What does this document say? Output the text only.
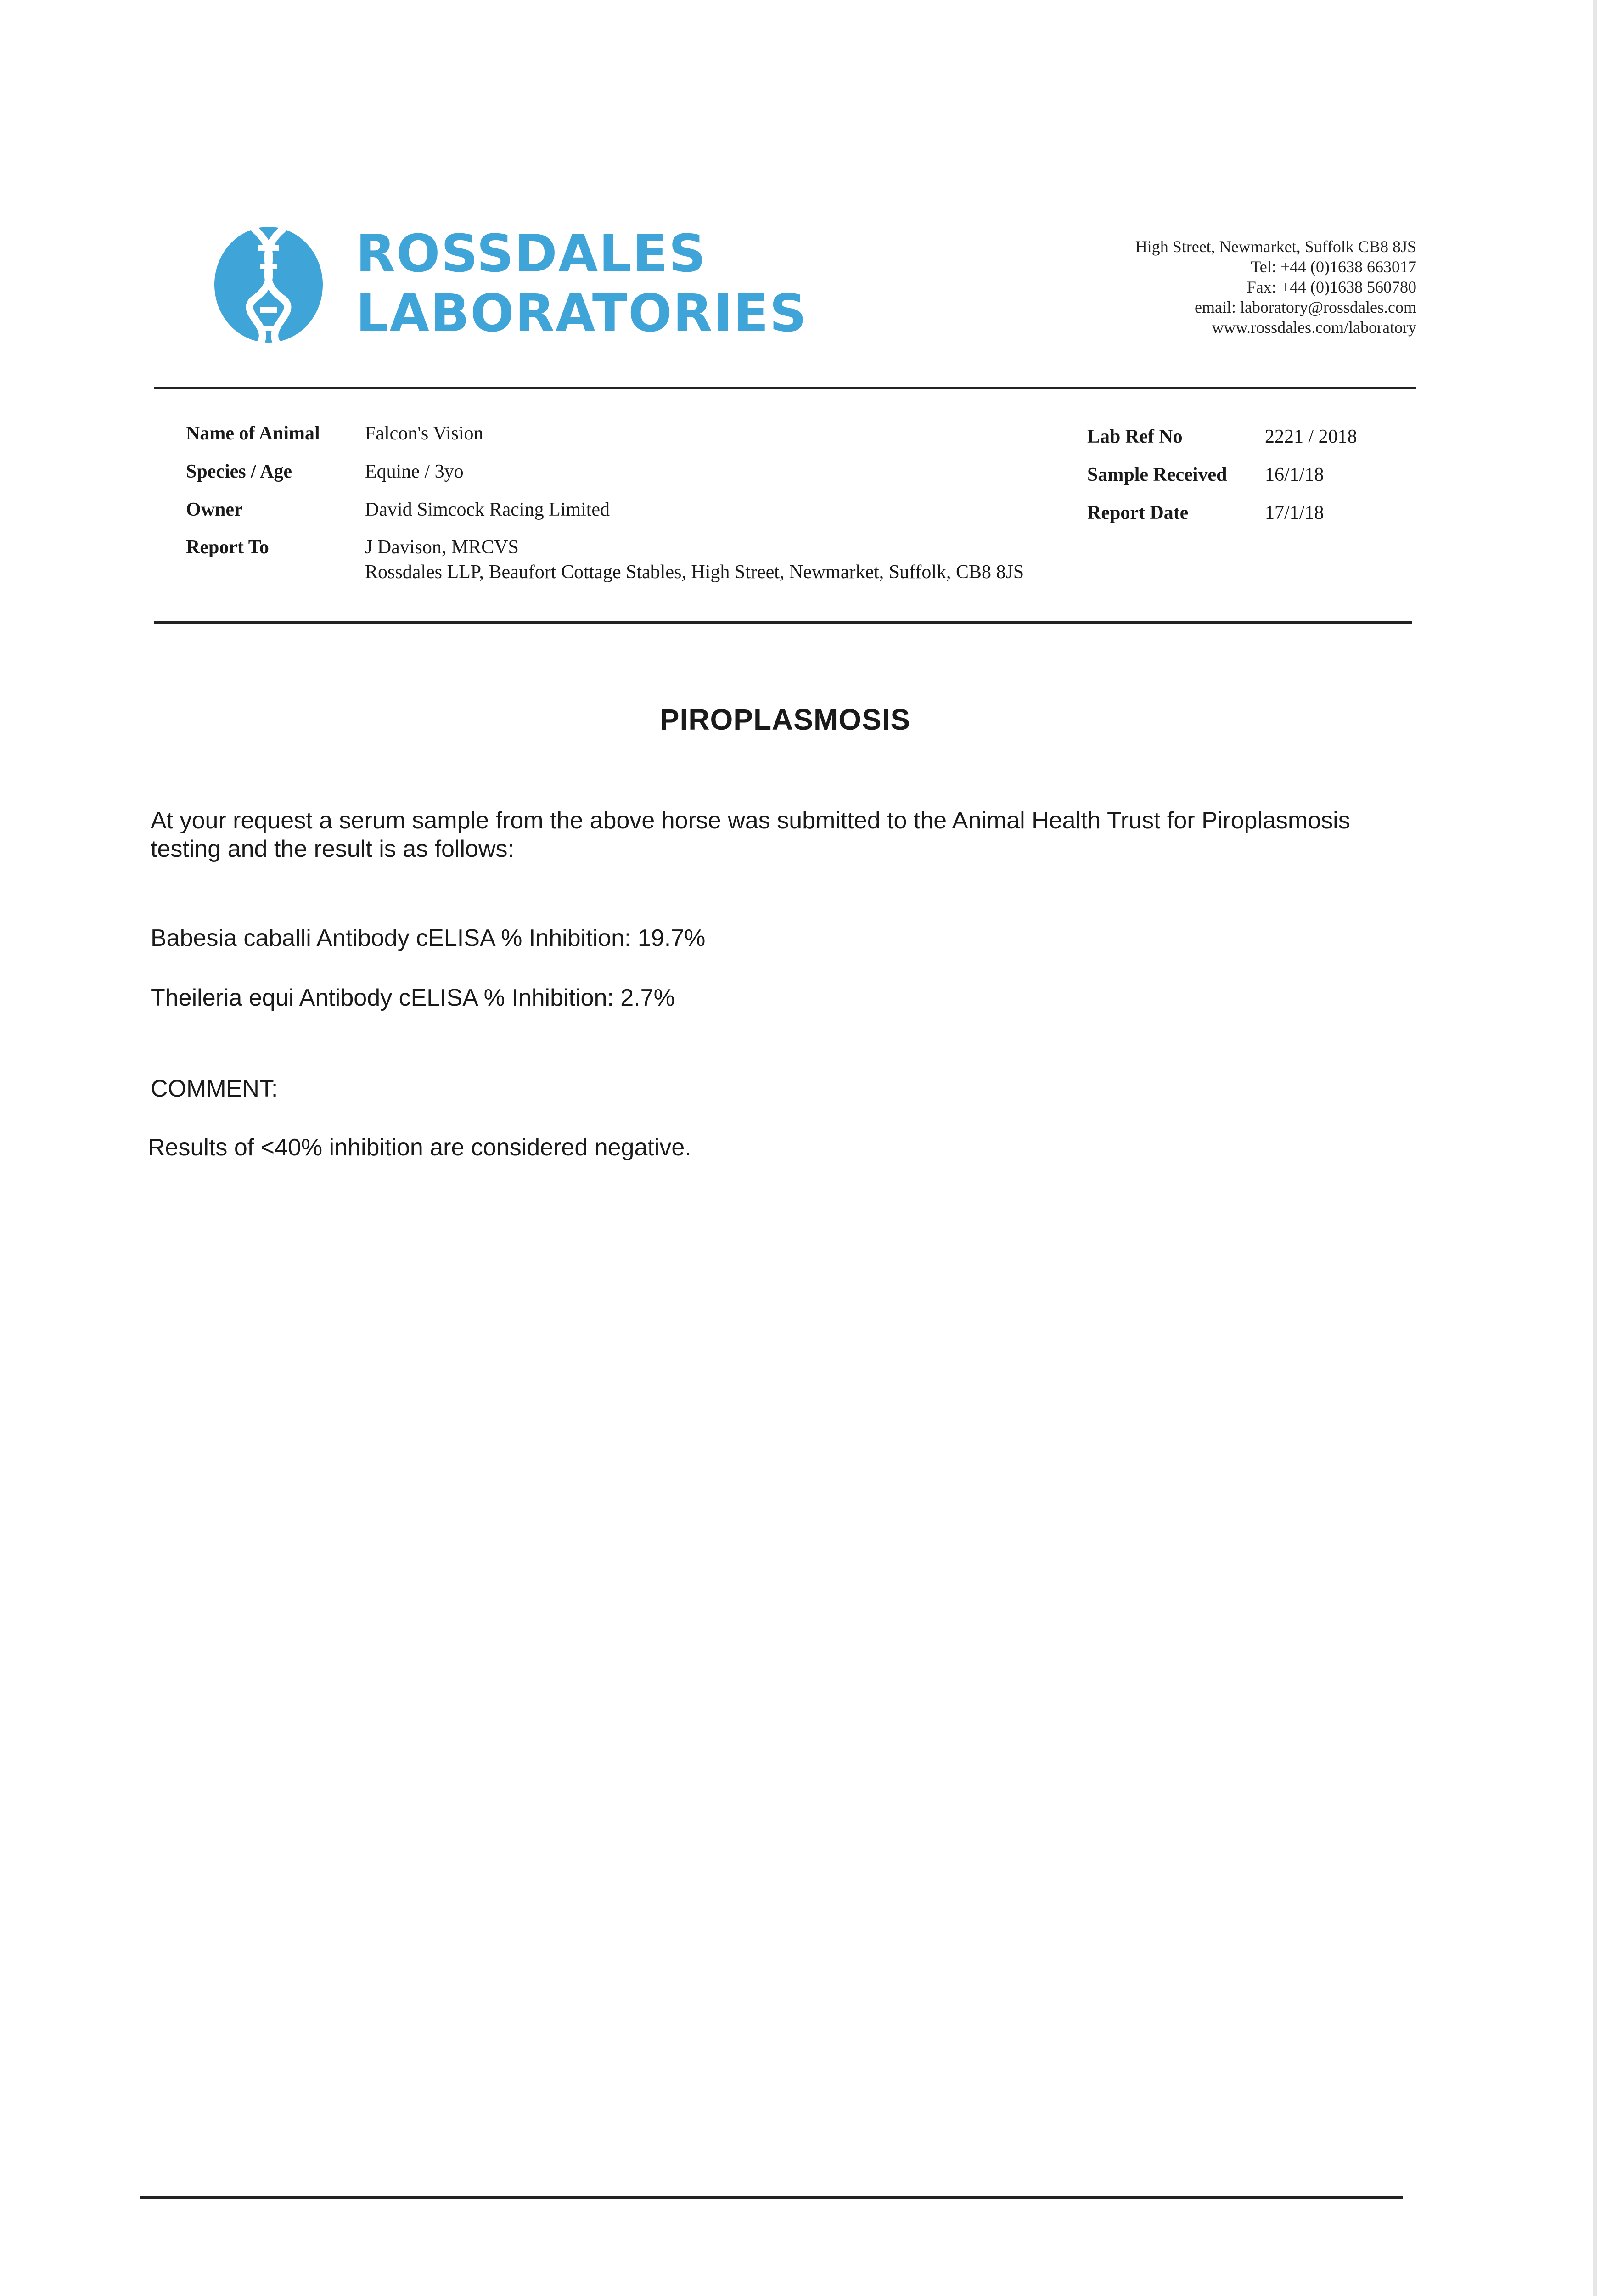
ROSSDALES
LABORATORIES
High Street, Newmarket, Suffolk CB8 8JS
Tel: +44 (0)1638 663017
Fax: +44 (0)1638 560780
email: laboratory@rossdales.com
www.rossdales.com/laboratory
Name of Animal Falcon's Vision
Species / Age	Equine / 3yo
Owner	David Simcock Racing Limited
Report To	J Davison, MRCVS
Rossdales LLP, Beaufort Cottage Stables, High Street, Newmarket, Suffolk, CB8 8JS
Lab Ref No	2221 / 2018
Sample Received 16/1/18
Report Date	17/1/18
PIROPLASMOSIS
At your request a serum sample from the above horse was submitted to the Animal Health Trust for Piroplasmosis
testing and the result is as follows:
Babesia caballi Antibody cELISA % Inhibition: 19.7%
Theileria equi Antibody cELISA % Inhibition: 2.7%
COMMENT:
Results of <40% inhibition are considered negative.
